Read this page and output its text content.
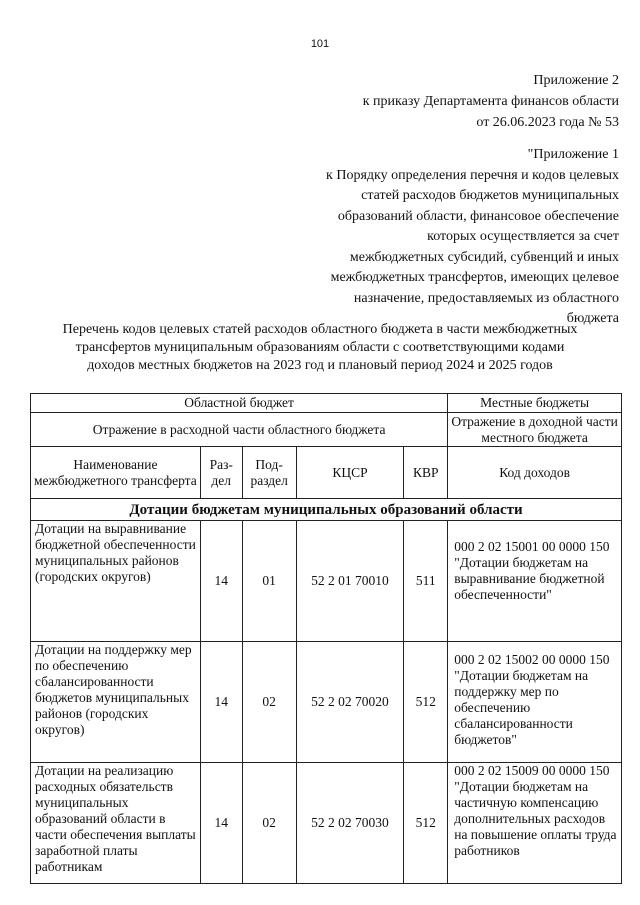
101
Приложение 2
к приказу Департамента финансов области
от 26.06.2023 года № 53
"Приложение 1
к Порядку определения перечня и кодов целевых
статей расходов бюджетов муниципальных
образований области, финансовое обеспечение
которых осуществляется за счет
межбюджетных субсидий, субвенций и иных
межбюджетных трансфертов, имеющих целевое
назначение, предоставляемых из областного
бюджета
Перечень кодов целевых статей расходов областного бюджета в части межбюджетных
трансфертов муниципальным образованиям области с соответствующими кодами
доходов местных бюджетов на 2023 год и плановый период 2024 и 2025 годов
Областной бюджет					Местные бюджеты
Отражение в расходной части областного бюджета					Отражение в доходной части местного бюджета
Наименование межбюджетного трансферта	Раз-дел	Под-раздел	КЦСР	КВР	Код доходов
Дотации бюджетам муниципальных образований области					
Дотации на выравнивание бюджетной обеспеченности муниципальных районов (городских округов)	14	01	52 2 01 70010	511	000 2 02 15001 00 0000 150 "Дотации бюджетам на выравнивание бюджетной обеспеченности"
Дотации на поддержку мер по обеспечению сбалансированности бюджетов муниципальных районов (городских округов)	14	02	52 2 02 70020	512	000 2 02 15002 00 0000 150 "Дотации бюджетам на поддержку мер по обеспечению сбалансированности бюджетов"
Дотации на реализацию расходных обязательств муниципальных образований области в части обеспечения выплаты заработной платы работникам	14	02	52 2 02 70030	512	000 2 02 15009 00 0000 150 "Дотации бюджетам на частичную компенсацию дополнительных расходов на повышение оплаты труда работников
